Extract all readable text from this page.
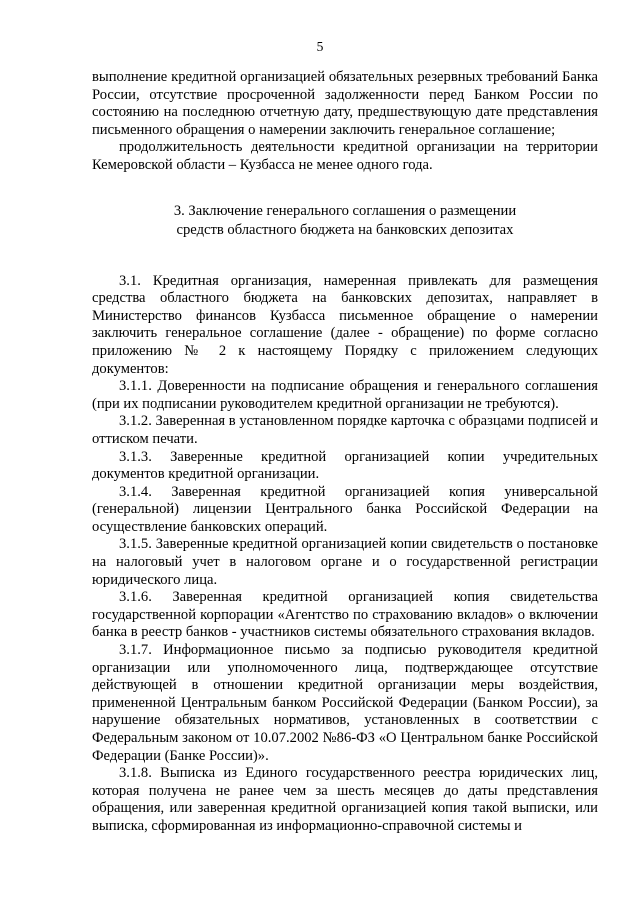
5

выполнение кредитной организацией обязательных резервных требований Банка России, отсутствие просроченной задолженности перед Банком России по состоянию на последнюю отчетную дату, предшествующую дате представления письменного обращения о намерении заключить генеральное соглашение;

продолжительность деятельности кредитной организации на территории Кемеровской области – Кузбасса не менее одного года.

3. Заключение генерального соглашения о размещении
средств областного бюджета на банковских депозитах

3.1. Кредитная организация, намеренная привлекать для размещения средства областного бюджета на банковских депозитах, направляет в Министерство финансов Кузбасса письменное обращение о намерении заключить генеральное соглашение (далее - обращение) по форме согласно приложению № 2 к настоящему Порядку с приложением следующих документов:

3.1.1. Доверенности на подписание обращения и генерального соглашения (при их подписании руководителем кредитной организации не требуются).

3.1.2. Заверенная в установленном порядке карточка с образцами подписей и оттиском печати.

3.1.3. Заверенные кредитной организацией копии учредительных документов кредитной организации.

3.1.4. Заверенная кредитной организацией копия универсальной (генеральной) лицензии Центрального банка Российской Федерации на осуществление банковских операций.

3.1.5. Заверенные кредитной организацией копии свидетельств о постановке на налоговый учет в налоговом органе и о государственной регистрации юридического лица.

3.1.6. Заверенная кредитной организацией копия свидетельства государственной корпорации «Агентство по страхованию вкладов» о включении банка в реестр банков - участников системы обязательного страхования вкладов.

3.1.7. Информационное письмо за подписью руководителя кредитной организации или уполномоченного лица, подтверждающее отсутствие действующей в отношении кредитной организации меры воздействия, примененной Центральным банком Российской Федерации (Банком России), за нарушение обязательных нормативов, установленных в соответствии с Федеральным законом от 10.07.2002 №86-ФЗ «О Центральном банке Российской Федерации (Банке России)».

3.1.8. Выписка из Единого государственного реестра юридических лиц, которая получена не ранее чем за шесть месяцев до даты представления обращения, или заверенная кредитной организацией копия такой выписки, или выписка, сформированная из информационно-справочной системы и
